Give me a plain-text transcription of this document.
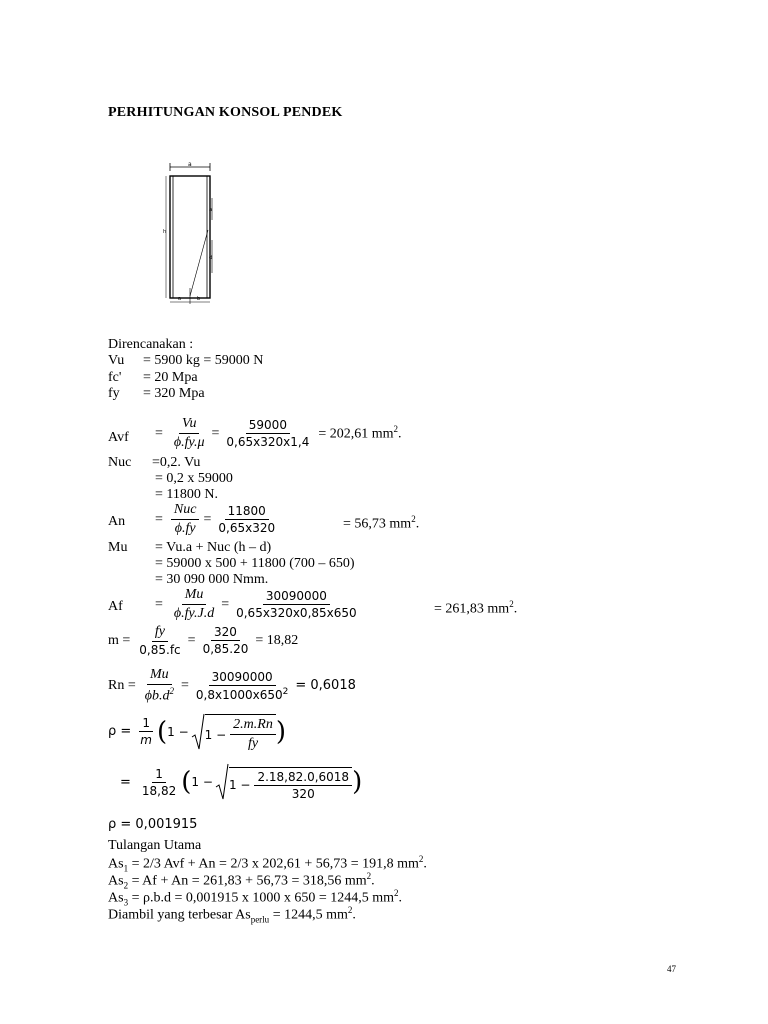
PERHITUNGAN KONSOL PENDEK
a
h
a
d
a	b
Direncanakan :
Vu = 5900 kg = 59000 N
fc' = 20 Mpa
fy = 320 Mpa
Avf = $\frac{Vu}{\phi.fy.\mu} = \frac{59000}{0,65x320x1,4} = 202,61$ $mm^2$.
Nuc =0,2. Vu
= 0,2 x 59000
= 11800 N.
An =
Nuc
ϕ.fy
= $\frac{11800}{0,65x320}$	= 56,73 $mm^2$.
Mu = Vu.a + Nuc (h – d)
= 59000 x 500 + 11800 (700 – 650)
= 30 090 000 Nmm.
$Af = \frac{Mu}{\phi.fy.J.d} = \frac{30090000}{0,65x320x0,85x650}$	= 261,83 $mm^2$.
$m = \frac{fy}{0,85.fc} = \frac{320}{0,85.20} = 18,82$
$Rn = \frac{Mu}{\phi b.d^2} = \frac{30090000}{0,8x1000x650^2} = 0,6018$
$\rho = \frac{1}{m}$ ( $1 - 1 - \frac{2.m.Rn}{fy}$ )
= $\frac{1}{18,82}$ ( $1 - 1 - \frac{2.18,82.0,6018}{320}$ )
ρ = 0,001915
Tulangan Utama
$As_1 = 2/3$ Avf + An = 2/3 x 202,61 + 56,73 = 191,8 $mm^2$.
$As_2 = Af + An = 261,83 + 56,73 = 318,56$ $mm^2$.
$As_3 = \rho.b.d = 0,001915$ x 1000 x 650 = 1244,5 $mm^2$.
Diambil yang terbesar $As_{perlu} = 1244,5$ $mm^2$.
47
